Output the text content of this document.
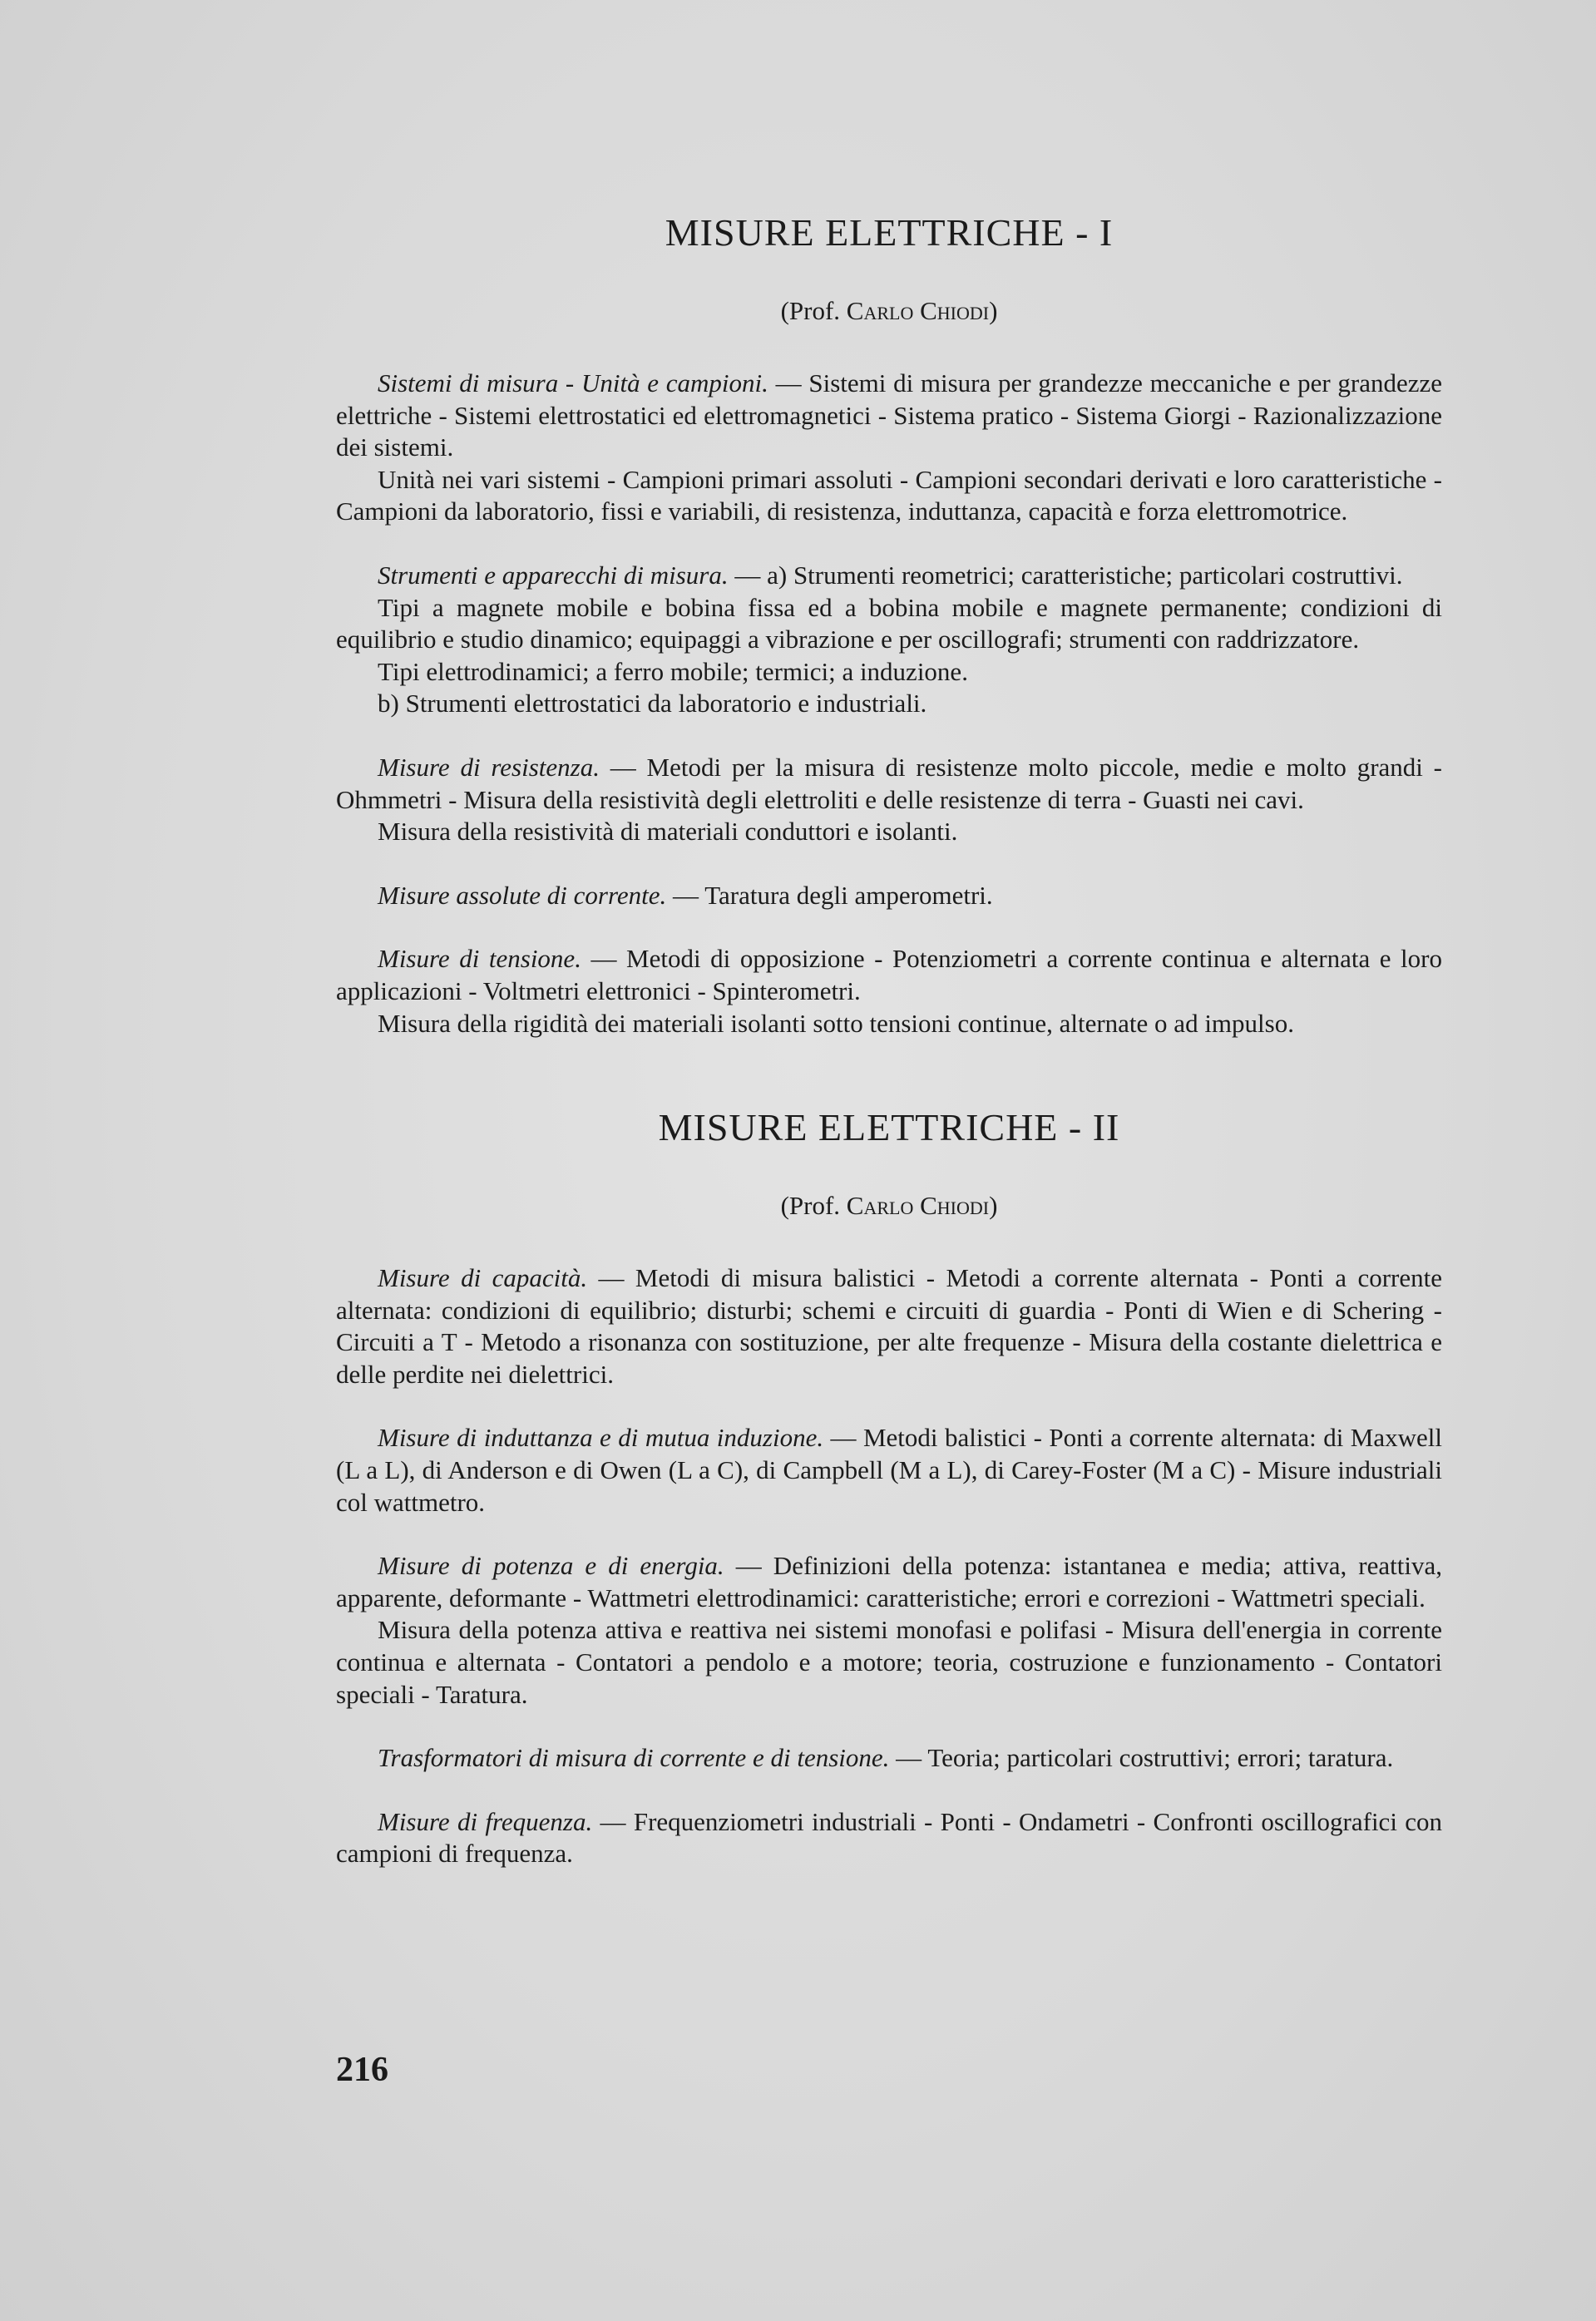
MISURE ELETTRICHE - I
(Prof. Carlo Chiodi)

Sistemi di misura - Unità e campioni. — Sistemi di misura per grandezze meccaniche e per grandezze elettriche - Sistemi elettrostatici ed elettromagnetici - Sistema pratico - Sistema Giorgi - Razionalizzazione dei sistemi.

Unità nei vari sistemi - Campioni primari assoluti - Campioni secondari derivati e loro caratteristiche - Campioni da laboratorio, fissi e variabili, di resistenza, induttanza, capacità e forza elettromotrice.

Strumenti e apparecchi di misura. — a) Strumenti reometrici; caratteristiche; particolari costruttivi.

Tipi a magnete mobile e bobina fissa ed a bobina mobile e magnete permanente; condizioni di equilibrio e studio dinamico; equipaggi a vibrazione e per oscillografi; strumenti con raddrizzatore.

Tipi elettrodinamici; a ferro mobile; termici; a induzione.

b) Strumenti elettrostatici da laboratorio e industriali.

Misure di resistenza. — Metodi per la misura di resistenze molto piccole, medie e molto grandi - Ohmmetri - Misura della resistività degli elettroliti e delle resistenze di terra - Guasti nei cavi.

Misura della resistività di materiali conduttori e isolanti.

Misure assolute di corrente. — Taratura degli amperometri.

Misure di tensione. — Metodi di opposizione - Potenziometri a corrente continua e alternata e loro applicazioni - Voltmetri elettronici - Spinterometri.

Misura della rigidità dei materiali isolanti sotto tensioni continue, alternate o ad impulso.

MISURE ELETTRICHE - II
(Prof. Carlo Chiodi)

Misure di capacità. — Metodi di misura balistici - Metodi a corrente alternata - Ponti a corrente alternata: condizioni di equilibrio; disturbi; schemi e circuiti di guardia - Ponti di Wien e di Schering - Circuiti a T - Metodo a risonanza con sostituzione, per alte frequenze - Misura della costante dielettrica e delle perdite nei dielettrici.

Misure di induttanza e di mutua induzione. — Metodi balistici - Ponti a corrente alternata: di Maxwell (L a L), di Anderson e di Owen (L a C), di Campbell (M a L), di Carey-Foster (M a C) - Misure industriali col wattmetro.

Misure di potenza e di energia. — Definizioni della potenza: istantanea e media; attiva, reattiva, apparente, deformante - Wattmetri elettrodinamici: caratteristiche; errori e correzioni - Wattmetri speciali.

Misura della potenza attiva e reattiva nei sistemi monofasi e polifasi - Misura dell'energia in corrente continua e alternata - Contatori a pendolo e a motore; teoria, costruzione e funzionamento - Contatori speciali - Taratura.

Trasformatori di misura di corrente e di tensione. — Teoria; particolari costruttivi; errori; taratura.

Misure di frequenza. — Frequenziometri industriali - Ponti - Ondametri - Confronti oscillografici con campioni di frequenza.

216
